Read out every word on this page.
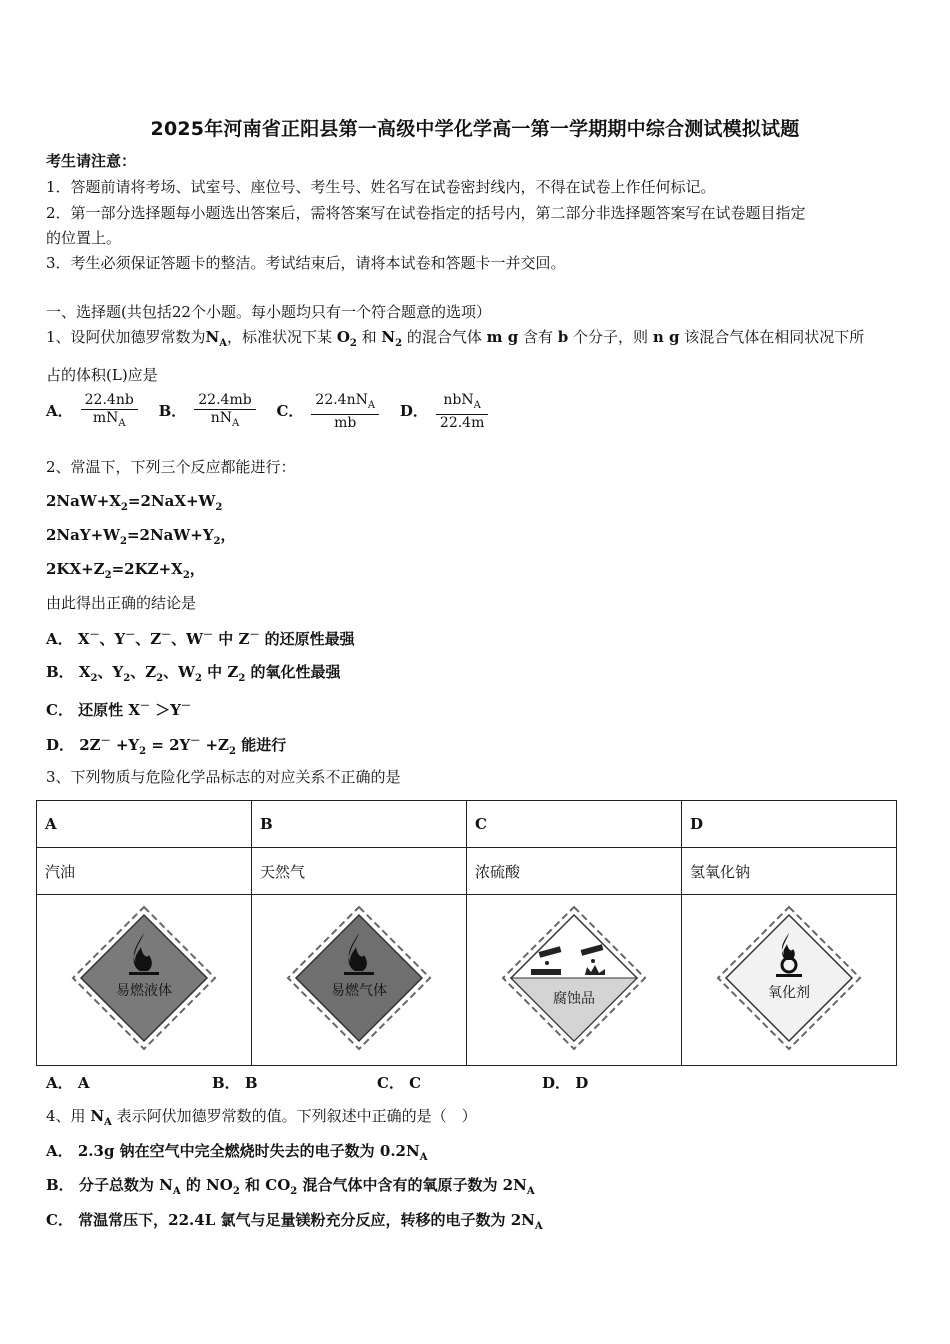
2025年河南省正阳县第一高级中学化学高一第一学期期中综合测试模拟试题
考生请注意：
1．答题前请将考场、试室号、座位号、考生号、姓名写在试卷密封线内，不得在试卷上作任何标记。
2．第一部分选择题每小题选出答案后，需将答案写在试卷指定的括号内，第二部分非选择题答案写在试卷题目指定
的位置上。
3．考生必须保证答题卡的整洁。考试结束后，请将本试卷和答题卡一并交回。
一、选择题(共包括22个小题。每小题均只有一个符合题意的选项）
1、设阿伏加德罗常数为$N_A$，标准状况下某 $O_2$ 和 $N_2$ 的混合气体 m g 含有 b 个分子，则 n g 该混合气体在相同状况下所
占的体积(L)应是
A． $\frac{22.4nb}{mN_A}$ B． $\frac{22.4mb}{nN_A}$ C． $\frac{22.4nN_A}{mb}$ D． $\frac{nbN_A}{22.4m}$
2、常温下，下列三个反应都能进行：
$2NaW+X_2=2NaX+W_2$
$2NaY+W_2=2NaW+Y_2$，
$2KX+Z_2=2KZ+X_2$，
由此得出正确的结论是
A． X－、Y－、Z－、W－ 中 Z－ 的还原性最强
B． $X_2$、$Y_2$、$Z_2$、$W_2$ 中 $Z_2$ 的氧化性最强
C． 还原性 X－ ＞Y－
D． $2Z^- +Y_2 = 2Y^- +Z_2$ 能进行
3、下列物质与危险化学品标志的对应关系不正确的是
A	B	C	D
汽油	天然气	浓硫酸	氢氧化钠

易燃液体	易燃气体	腐蚀品	氧化剂
A． A	B． B	C． C	D． D
4、用 $N_A$ 表示阿伏加德罗常数的值。下列叙述中正确的是（　）
A． 2.3g 钠在空气中完全燃烧时失去的电子数为 $0.2N_A$
B． 分子总数为 $N_A$ 的 $NO_2$ 和 $CO_2$ 混合气体中含有的氧原子数为 $2N_A$
C． 常温常压下，22.4L 氯气与足量镁粉充分反应，转移的电子数为 $2N_A$
